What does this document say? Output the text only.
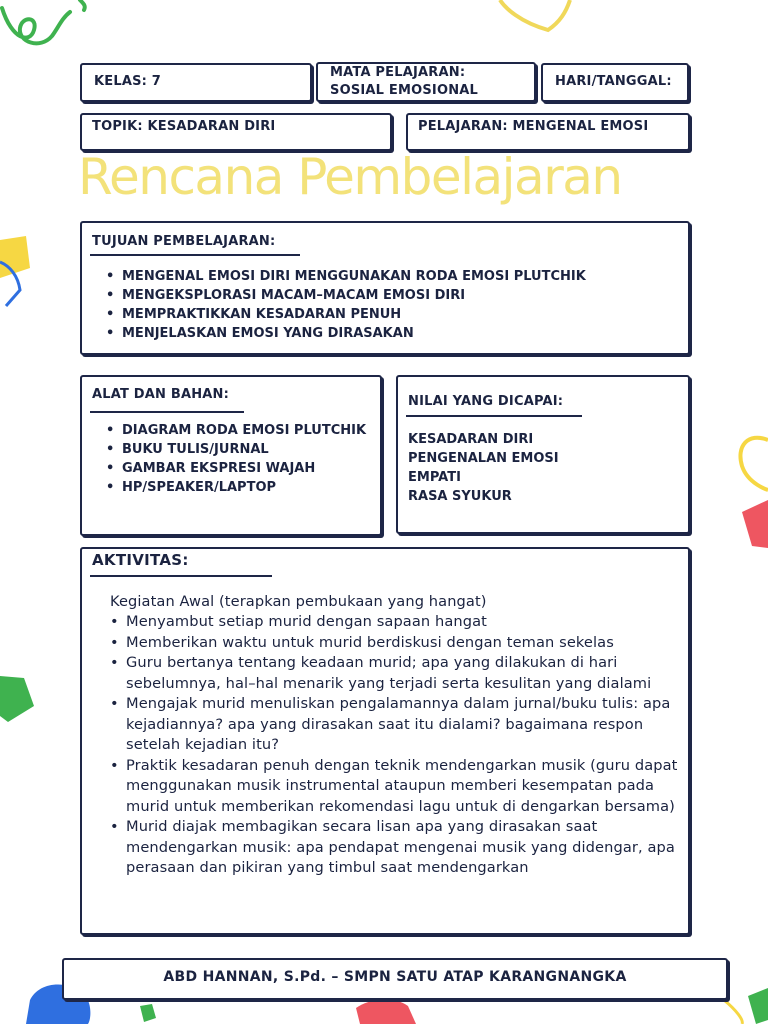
KELAS: 7
MATA PELAJARAN:
SOSIAL EMOSIONAL
HARI/TANGGAL:
TOPIK: KESADARAN DIRI	PELAJARAN: MENGENAL EMOSI
Rencana Pembelajaran
TUJUAN PEMBELAJARAN:
• MENGENAL EMOSI DIRI MENGGUNAKAN RODA EMOSI PLUTCHIK
• MENGEKSPLORASI MACAM–MACAM EMOSI DIRI
• MEMPRAKTIKKAN KESADARAN PENUH
• MENJELASKAN EMOSI YANG DIRASAKAN
ALAT DAN BAHAN:
• DIAGRAM RODA EMOSI PLUTCHIK
• BUKU TULIS/JURNAL
• GAMBAR EKSPRESI WAJAH
• HP/SPEAKER/LAPTOP
NILAI YANG DICAPAI:
KESADARAN DIRI
PENGENALAN EMOSI
EMPATI
RASA SYUKUR
AKTIVITAS:
Kegiatan Awal (terapkan pembukaan yang hangat)
• Menyambut setiap murid dengan sapaan hangat
• Memberikan waktu untuk murid berdiskusi dengan teman sekelas
• Guru bertanya tentang keadaan murid; apa yang dilakukan di hari sebelumnya, hal–hal menarik yang terjadi serta kesulitan yang dialami
• Mengajak murid menuliskan pengalamannya dalam jurnal/buku tulis: apa kejadiannya? apa yang dirasakan saat itu dialami? bagaimana respon setelah kejadian itu?
• Praktik kesadaran penuh dengan teknik mendengarkan musik (guru dapat menggunakan musik instrumental ataupun memberi kesempatan pada murid untuk memberikan rekomendasi lagu untuk di dengarkan bersama)
• Murid diajak membagikan secara lisan apa yang dirasakan saat mendengarkan musik: apa pendapat mengenai musik yang didengar, apa perasaan dan pikiran yang timbul saat mendengarkan
ABD HANNAN, S.Pd. – SMPN SATU ATAP KARANGNANGKA
